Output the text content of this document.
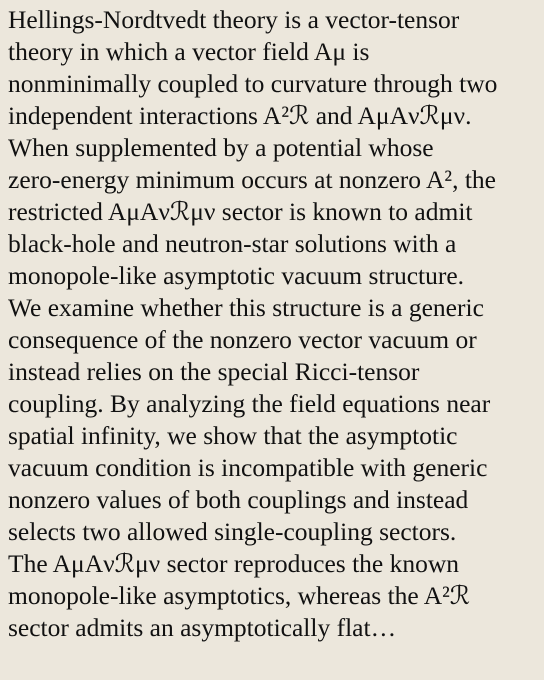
Hellings-Nordtvedt theory is a vector-tensor
theory in which a vector field Aμ is
nonminimally coupled to curvature through two
independent interactions A²ℛ and AμAνℛμν.
When supplemented by a potential whose
zero-energy minimum occurs at nonzero A², the
restricted AμAνℛμν sector is known to admit
black-hole and neutron-star solutions with a
monopole-like asymptotic vacuum structure.
We examine whether this structure is a generic
consequence of the nonzero vector vacuum or
instead relies on the special Ricci-tensor
coupling. By analyzing the field equations near
spatial infinity, we show that the asymptotic
vacuum condition is incompatible with generic
nonzero values of both couplings and instead
selects two allowed single-coupling sectors.
The AμAνℛμν sector reproduces the known
monopole-like asymptotics, whereas the A²ℛ
sector admits an asymptotically flat…
